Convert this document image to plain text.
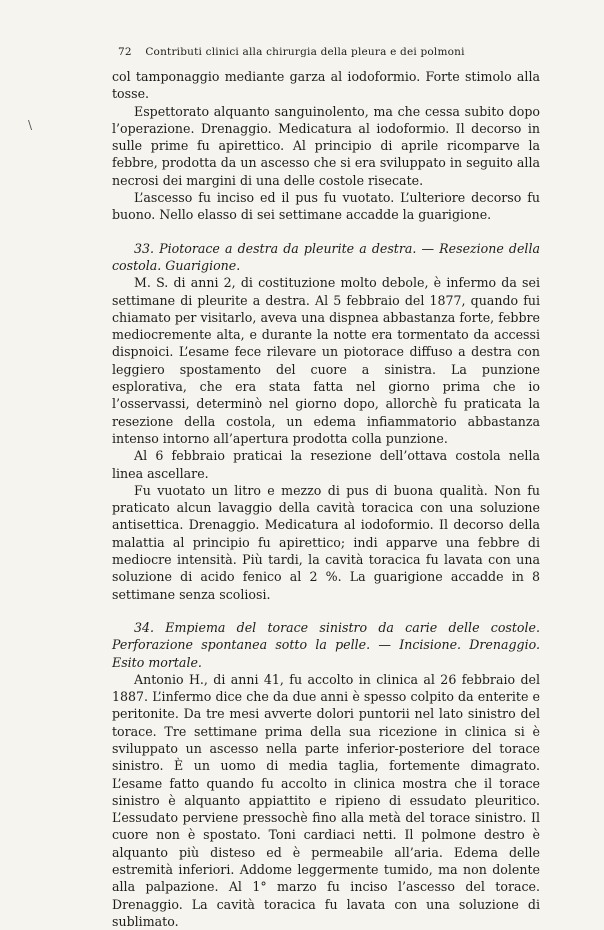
\
72 Contributi clinici alla chirurgia della pleura e dei polmoni

col tamponaggio mediante garza al iodoformio. Forte stimolo alla tosse.

Espettorato alquanto sanguinolento, ma che cessa subito dopo l’operazione. Drenaggio. Medicatura al iodoformio. Il decorso in sulle prime fu apirettico. Al principio di aprile ricomparve la febbre, prodotta da un ascesso che si era sviluppato in seguito alla necrosi dei margini di una delle costole risecate.

L’ascesso fu inciso ed il pus fu vuotato. L’ulteriore decorso fu buono. Nello elasso di sei settimane accadde la guarigione.

33. Piotorace a destra da pleurite a destra. — Resezione della costola. Guarigione.

M. S. di anni 2, di costituzione molto debole, è infermo da sei settimane di pleurite a destra. Al 5 febbraio del 1877, quando fui chiamato per visitarlo, aveva una dispnea abbastanza forte, febbre mediocremente alta, e durante la notte era tormentato da accessi dispnoici. L’esame fece rilevare un piotorace diffuso a destra con leggiero spostamento del cuore a sinistra. La punzione esplorativa, che era stata fatta nel giorno prima che io l’osservassi, determinò nel giorno dopo, allorchè fu praticata la resezione della costola, un edema infiammatorio abbastanza intenso intorno all’apertura prodotta colla punzione.

Al 6 febbraio praticai la resezione dell’ottava costola nella linea ascellare.

Fu vuotato un litro e mezzo di pus di buona qualità. Non fu praticato alcun lavaggio della cavità toracica con una soluzione antisettica. Drenaggio. Medicatura al iodoformio. Il decorso della malattia al principio fu apirettico; indi apparve una febbre di mediocre intensità. Più tardi, la cavità toracica fu lavata con una soluzione di acido fenico al 2 %. La guarigione accadde in 8 settimane senza scoliosi.

34. Empiema del torace sinistro da carie delle costole. Perforazione spontanea sotto la pelle. — Incisione. Drenaggio. Esito mortale.

Antonio H., di anni 41, fu accolto in clinica al 26 febbraio del 1887. L’infermo dice che da due anni è spesso colpito da enterite e peritonite. Da tre mesi avverte dolori puntorii nel lato sinistro del torace. Tre settimane prima della sua ricezione in clinica si è sviluppato un ascesso nella parte inferior-posteriore del torace sinistro. È un uomo di media taglia, fortemente dimagrato. L’esame fatto quando fu accolto in clinica mostra che il torace sinistro è alquanto appiattito e ripieno di essudato pleuritico. L’essudato perviene pressochè fino alla metà del torace sinistro. Il cuore non è spostato. Toni cardiaci netti. Il polmone destro è alquanto più disteso ed è permeabile all’aria. Edema delle estremità inferiori. Addome leggermente tumido, ma non dolente alla palpazione. Al 1° marzo fu inciso l’ascesso del torace. Drenaggio. La cavità toracica fu lavata con una soluzione di sublimato.
